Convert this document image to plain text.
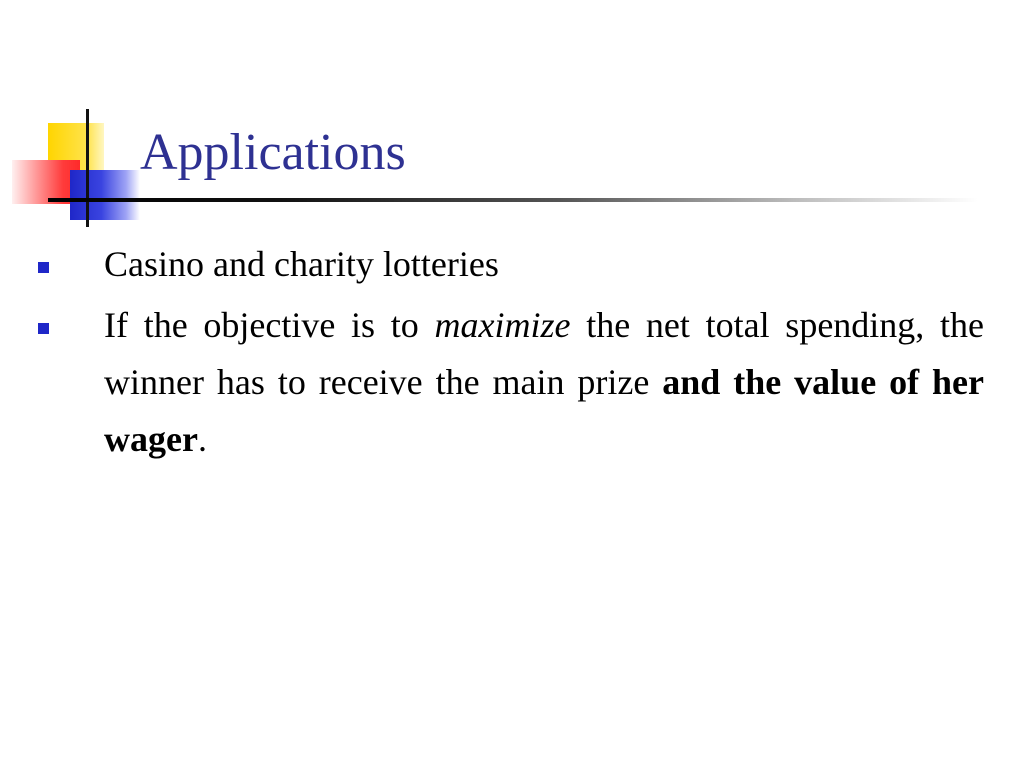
Applications
Casino and charity lotteries
If the objective is to maximize the net total spending, the winner has to receive the main prize and the value of her wager.
